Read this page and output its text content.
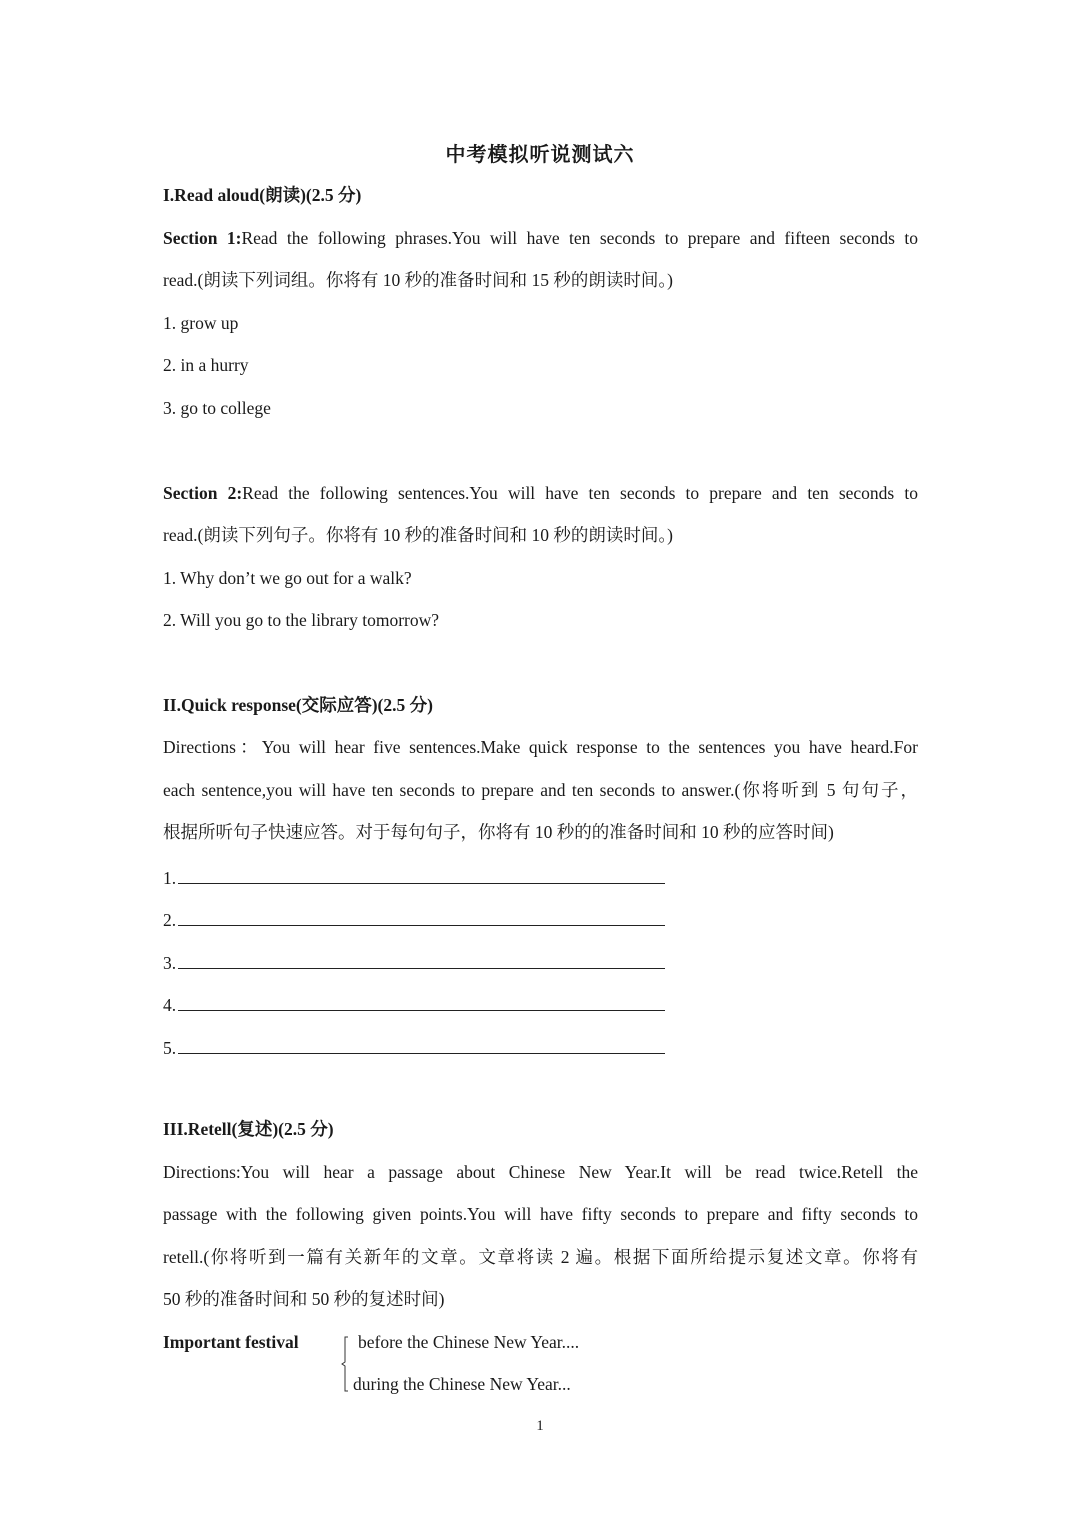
中考模拟听说测试六
I.Read aloud(朗读)(2.5 分)
Section 1:Read the following phrases.You will have ten seconds to prepare and fifteen seconds to
read.(朗读下列词组。你将有 10 秒的准备时间和 15 秒的朗读时间。)
1. grow up
2. in a hurry
3. go to college
Section 2:Read the following sentences.You will have ten seconds to prepare and ten seconds to
read.(朗读下列句子。你将有 10 秒的准备时间和 10 秒的朗读时间。)
1. Why don’t we go out for a walk?
2. Will you go to the library tomorrow?
II.Quick response(交际应答)(2.5 分)
Directions：You will hear five sentences.Make quick response to the sentences you have heard.For
each sentence,you will have ten seconds to prepare and ten seconds to answer.(你将听到 5 句句子，
根据所听句子快速应答。对于每句句子，你将有 10 秒的的准备时间和 10 秒的应答时间)
1.
2.
3.
4.
5.
III.Retell(复述)(2.5 分)
Directions:You will hear a passage about Chinese New Year.It will be read twice.Retell the
passage with the following given points.You will have fifty seconds to prepare and fifty seconds to
retell.(你将听到一篇有关新年的文章。文章将读 2 遍。根据下面所给提示复述文章。你将有
50 秒的准备时间和 50 秒的复述时间)
Important festival	before the Chinese New Year....
during the Chinese New Year...
1
